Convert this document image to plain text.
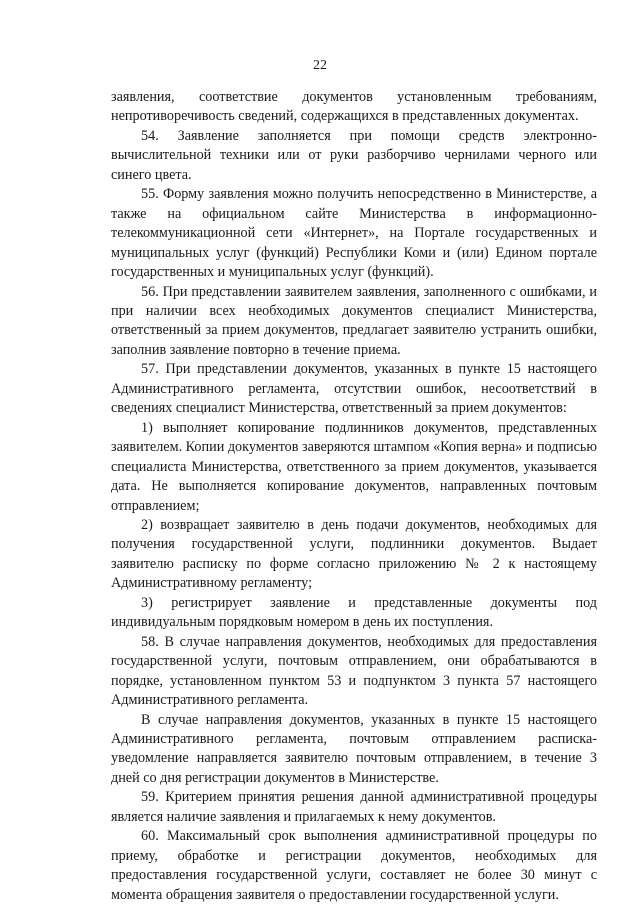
22

заявления, соответствие документов установленным требованиям, непротиворечивость сведений, содержащихся в представленных документах.

54. Заявление заполняется при помощи средств электронно-вычислительной техники или от руки разборчиво чернилами черного или синего цвета.

55. Форму заявления можно получить непосредственно в Министерстве, а также на официальном сайте Министерства в информационно-телекоммуникационной сети «Интернет», на Портале государственных и муниципальных услуг (функций) Республики Коми и (или) Едином портале государственных и муниципальных услуг (функций).

56. При представлении заявителем заявления, заполненного с ошибками, и при наличии всех необходимых документов специалист Министерства, ответственный за прием документов, предлагает заявителю устранить ошибки, заполнив заявление повторно в течение приема.

57. При представлении документов, указанных в пункте 15 настоящего Административного регламента, отсутствии ошибок, несоответствий в сведениях специалист Министерства, ответственный за прием документов:

1) выполняет копирование подлинников документов, представленных заявителем. Копии документов заверяются штампом «Копия верна» и подписью специалиста Министерства, ответственного за прием документов, указывается дата. Не выполняется копирование документов, направленных почтовым отправлением;

2) возвращает заявителю в день подачи документов, необходимых для получения государственной услуги, подлинники документов. Выдает заявителю расписку по форме согласно приложению № 2 к настоящему Административному регламенту;

3) регистрирует заявление и представленные документы под индивидуальным порядковым номером в день их поступления.

58. В случае направления документов, необходимых для предоставления государственной услуги, почтовым отправлением, они обрабатываются в порядке, установленном пунктом 53 и подпунктом 3 пункта 57 настоящего Административного регламента.

В случае направления документов, указанных в пункте 15 настоящего Административного регламента, почтовым отправлением расписка-уведомление направляется заявителю почтовым отправлением, в течение 3 дней со дня регистрации документов в Министерстве.

59. Критерием принятия решения данной административной процедуры является наличие заявления и прилагаемых к нему документов.

60. Максимальный срок выполнения административной процедуры по приему, обработке и регистрации документов, необходимых для предоставления государственной услуги, составляет не более 30 минут с момента обращения заявителя о предоставлении государственной услуги.
